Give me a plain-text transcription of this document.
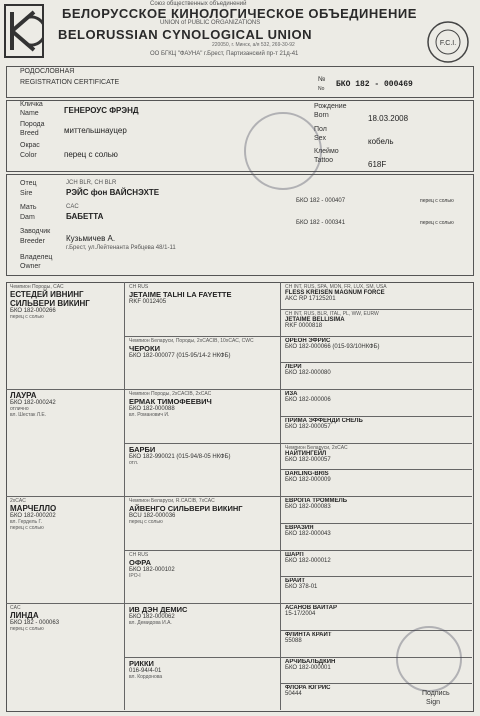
Союз общественных объединений
БЕЛОРУССКОЕ КИНОЛОГИЧЕСКОЕ ОБЪЕДИНЕНИЕ
UNION of PUBLIC ORGANIZATIONS
BELORUSSIAN CYNOLOGICAL UNION
220050, г. Минск, а/я 532, 269-30-92
ОО БГКЦ "ФАУНА" г.Брест, Партизанский пр-т 21д-41
F.C.I.
РОДОСЛОВНАЯ
REGISTRATION CERTIFICATE	№
No БКО 182 - 000469
Кличка
Name	ГЕНЕРОУС ФРЭНД
Порода
Breed	миттельшнауцер
Окрас
Color	перец с солью
Рождение
Born	18.03.2008
Пол
Sex	кобель
Клеймо
Tattoo	618F
Отец
Sire
JCH BLR, CH BLR
РЭЙС фон ВАЙСНЭХТЕ
БКО 182 - 000407	перец с солью
Мать
Dam
CAC
БАБЕТТА
БКО 182 - 000341	перец с солью
Заводчик
Breeder	Кузьмичев А.
г.Брест, ул.Лейтенанта Рябцева 48/1-11
Владелец
Owner
Чемпион Породы, CAC
ЕСТЕДЕЙ ИВНИНГ СИЛЬВЕРИ ВИКИНГ
БКО 182-000266
перец с солью
ЛАУРА
БКО 182-000242
отлично
вл. Шестак Л.Е.
2xCAC
МАРЧЕЛЛО
БКО 182-000202
вл. Гердель Г.
перец с солью
CAC
ЛИНДА
БКО 182 - 000063
перец с солью
CH RUS
JETAIME TALHI LA FAYETTE
RKF 0012405
Чемпион Беларуси, Породы, 2xCACIB, 10xCAC, CWC
ЧЕРОКИ
БКО 182-000077 (015-95/14-2 НКФБ)
Чемпион Породы, 2xCACIB, 2xCAC
ЕРМАК ТИМОФЕЕВИЧ
БКО 182-000088
вл. Романович И.
БАРБИ
БКО 182-990021 (015-94/8-05 НКФБ)
отл.
Чемпион Беларуси, R.CACIB, 7xCAC
АЙВЕНГО СИЛЬВЕРИ ВИКИНГ
BCU 182-000036
перец с солью
CH RUS
ОФРА
БКО 182-000102
IPO-I
ИВ ДЭН ДЕМИС
БКО 182-000062
вл. Демидова И.А.
РИККИ
016-94/4-01
вл. Кордонова
CH INT, RUS, SPA, MON, FR, LUX, SM, USA
FLESS KREISEN MAGNUM FORCE
AKC RP 17125201
CH INT, RUS, BLR, ITAL, PL, WW, EURW
JETAIME BELLISIMA
RKF 0000818
ОРЕОН ЭФРИС
БКО 182-000066 (015-93/10НКФБ)
ЛЕРИ
БКО 182-000080
ИЗА
БКО 182-000006
ПРИМА ЭФФЕНДИ СНЕЛЬ
БКО 182-000057
Чемпион Беларуси, 2xCAC
НАЙТИНГЕЙЛ
БКО 182-000057
DARLING-BRIS
БКО 182-000009
ЕВРОПА ТРОММЕЛЬ
БКО 182-000083
ЕВРАЗИЯ
БКО 182-000043
ШАРП
БКО 182-000012
БРАЙТ
БКО 378-01
АСАНОВ ВАЙТАР
15-17/2004
ФЛИНТА КРАЙТ
55088
АРЧИБАЛЬДКИН
БКО 182-000001
ФЛОРА ЮГРИС
50444	Подпись
Sign
